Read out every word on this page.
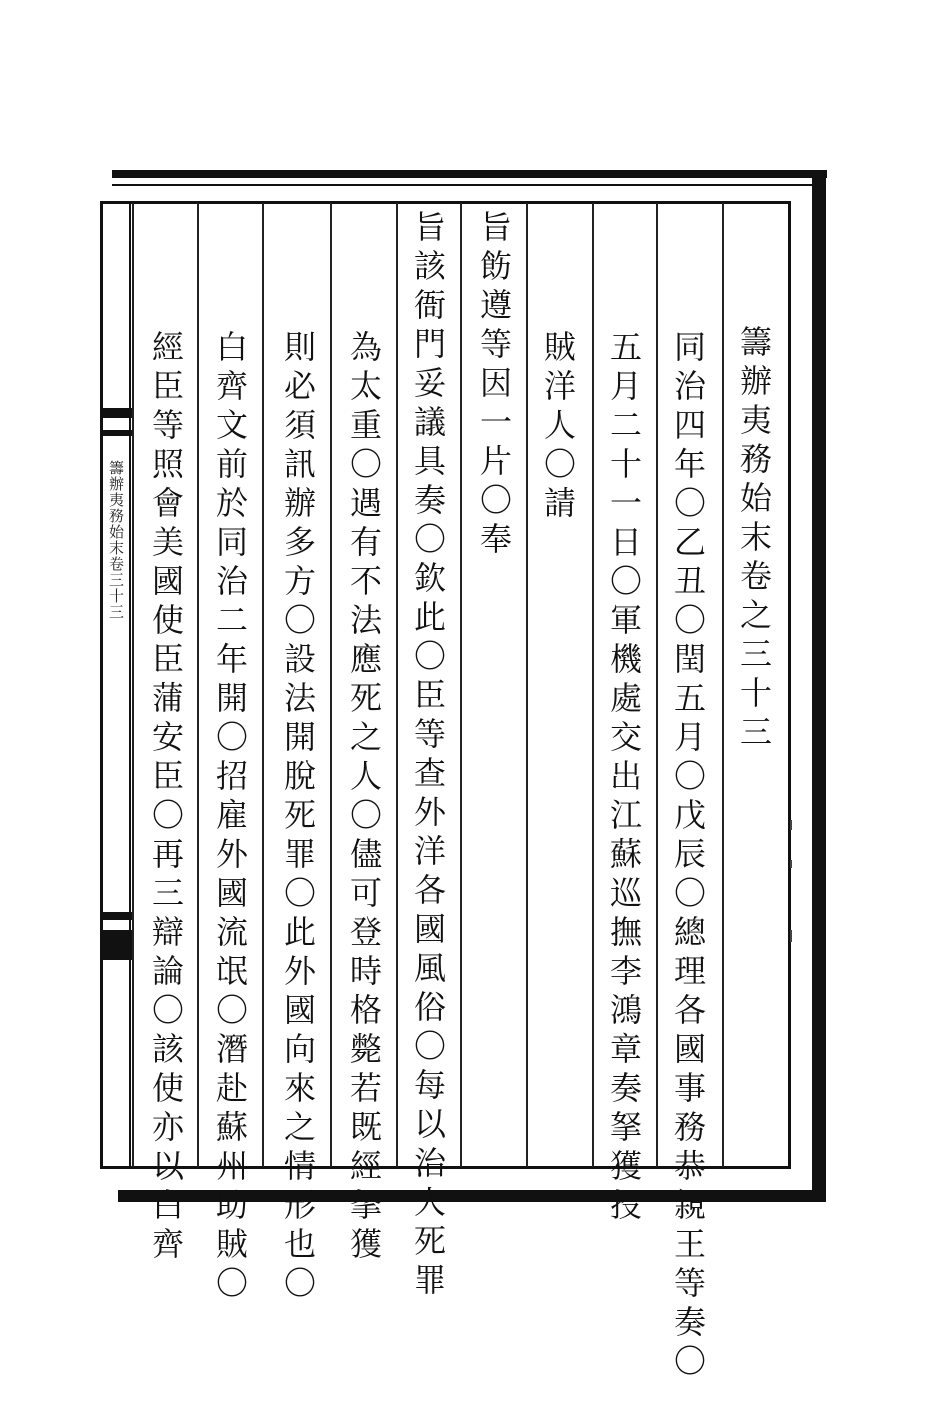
籌辦夷務始末卷三十三	籌辦夷務始末卷之三十三
同治四年〇乙丑〇閏五月〇戊辰〇總理各國事務恭親王等奏〇
五月二十一日〇軍機處交出江蘇巡撫李鴻章奏拏獲投
賊洋人〇請
旨飭遵等因一片〇奉
旨該衙門妥議具奏〇欽此〇臣等查外洋各國風俗〇每以治人死罪
為太重〇遇有不法應死之人〇儘可登時格斃若既經拏獲
則必須訊辦多方〇設法開脫死罪〇此外國向來之情形也〇
白齊文前於同治二年開〇招雇外國流氓〇潛赴蘇州助賊〇
經臣等照會美國使臣蒲安臣〇再三辯論〇該使亦以白齊
